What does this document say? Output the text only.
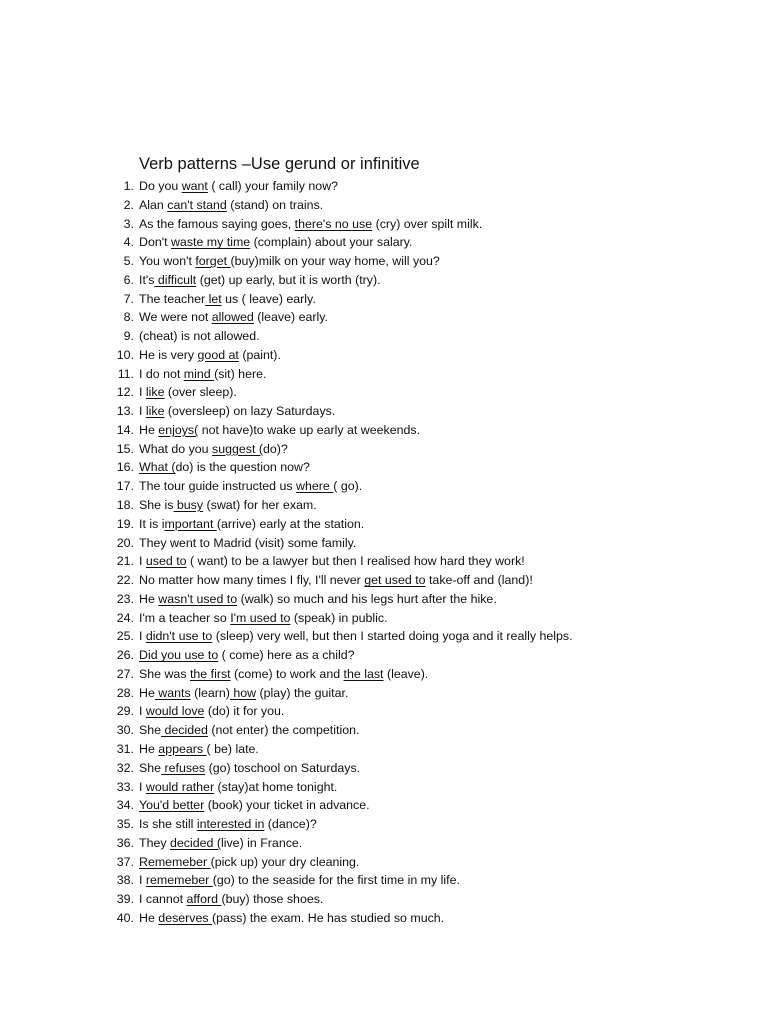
Verb patterns –Use gerund or infinitive
1. Do you want ( call) your family now?
2. Alan can't stand (stand) on trains.
3. As the famous saying goes, there's no use (cry) over spilt milk.
4. Don't waste my time (complain) about your salary.
5. You won't forget (buy)milk on your way home, will you?
6. It's difficult (get) up early, but it is worth (try).
7. The teacher let us ( leave) early.
8. We were not allowed (leave) early.
9. (cheat) is not allowed.
10. He is very good at (paint).
11. I do not mind (sit) here.
12. I like (over sleep).
13. I like (oversleep) on lazy Saturdays.
14. He enjoys( not have)to wake up early at weekends.
15. What do you suggest (do)?
16. What (do) is the question now?
17. The tour guide instructed us where ( go).
18. She is busy (swat) for her exam.
19. It is important (arrive) early at the station.
20. They went to Madrid (visit) some family.
21. I used to ( want) to be a lawyer but then I realised how hard they work!
22. No matter how many times I fly, I'll never get used to take-off and (land)!
23. He wasn't used to (walk) so much and his legs hurt after the hike.
24. I'm a teacher so I'm used to (speak) in public.
25. I didn't use to (sleep) very well, but then I started doing yoga and it really helps.
26. Did you use to ( come) here as a child?
27. She was the first (come) to work and the last (leave).
28. He wants (learn) how (play) the guitar.
29. I would love (do) it for you.
30. She decided (not enter) the competition.
31. He appears ( be) late.
32. She refuses (go) toschool on Saturdays.
33. I would rather (stay)at home tonight.
34. You'd better (book) your ticket in advance.
35. Is she still interested in (dance)?
36. They decided (live) in France.
37. Rememeber (pick up) your dry cleaning.
38. I rememeber (go) to the seaside for the first time in my life.
39. I cannot afford (buy) those shoes.
40. He deserves (pass) the exam. He has studied so much.
